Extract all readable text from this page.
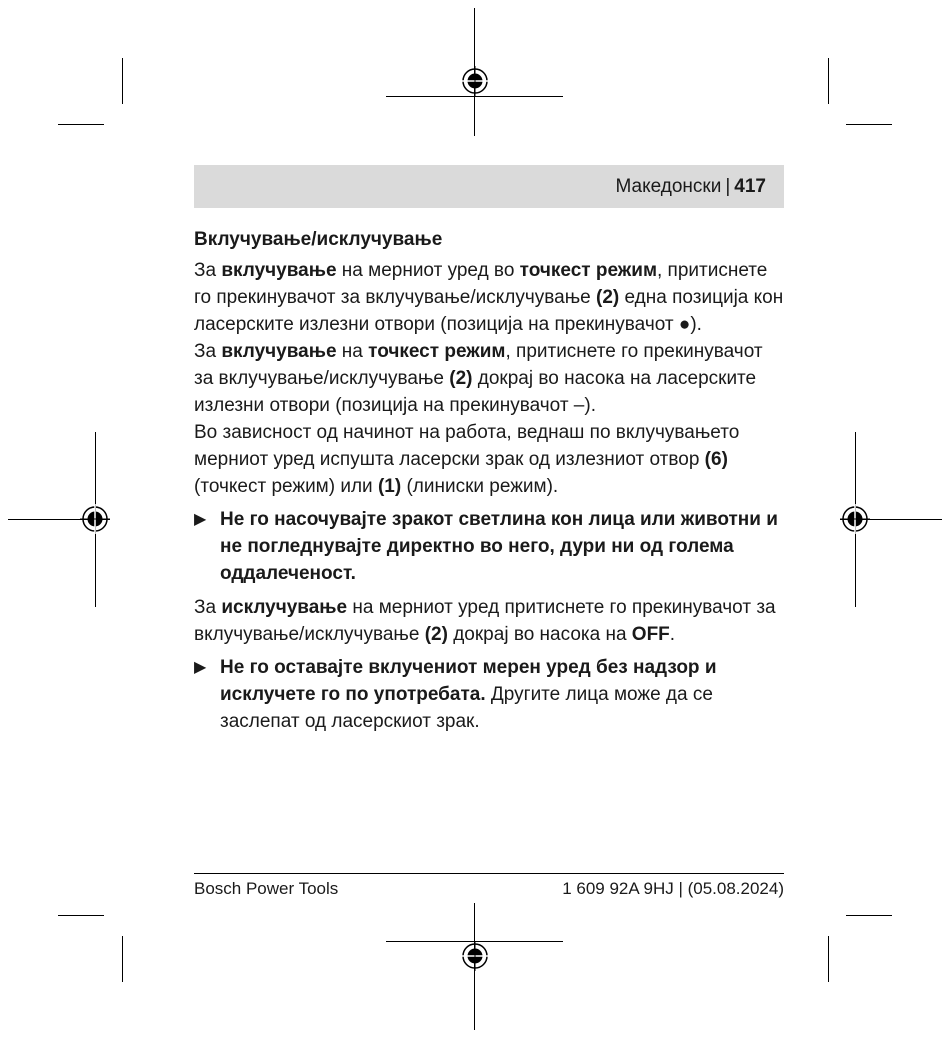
Македонски | 417
Вклучување/исклучување

За вклучување на мерниот уред во точкест режим, притиснете го прекинувачот за вклучување/исклучување (2) една позиција кон ласерските излезни отвори (позиција на прекинувачот ●).

За вклучување на точкест режим, притиснете го прекинувачот за вклучување/исклучување (2) докрај во насока на ласерските излезни отвори (позиција на прекинувачот ‒).

Во зависност од начинот на работа, веднаш по вклучувањето мерниот уред испушта ласерски зрак од излезниот отвор (6) (точкест режим) или (1) (линиски режим).

▶ Не го насочувајте зракот светлина кон лица или животни и не погледнувајте директно во него, дури ни од голема оддалеченост.

За исклучување на мерниот уред притиснете го прекинувачот за вклучување/исклучување (2) докрај во насока на OFF.

▶ Не го оставајте вклучениот мерен уред без надзор и исклучете го по употребата. Другите лица може да се заслепат од ласерскиот зрак.

Bosch Power Tools	1 609 92A 9HJ | (05.08.2024)
